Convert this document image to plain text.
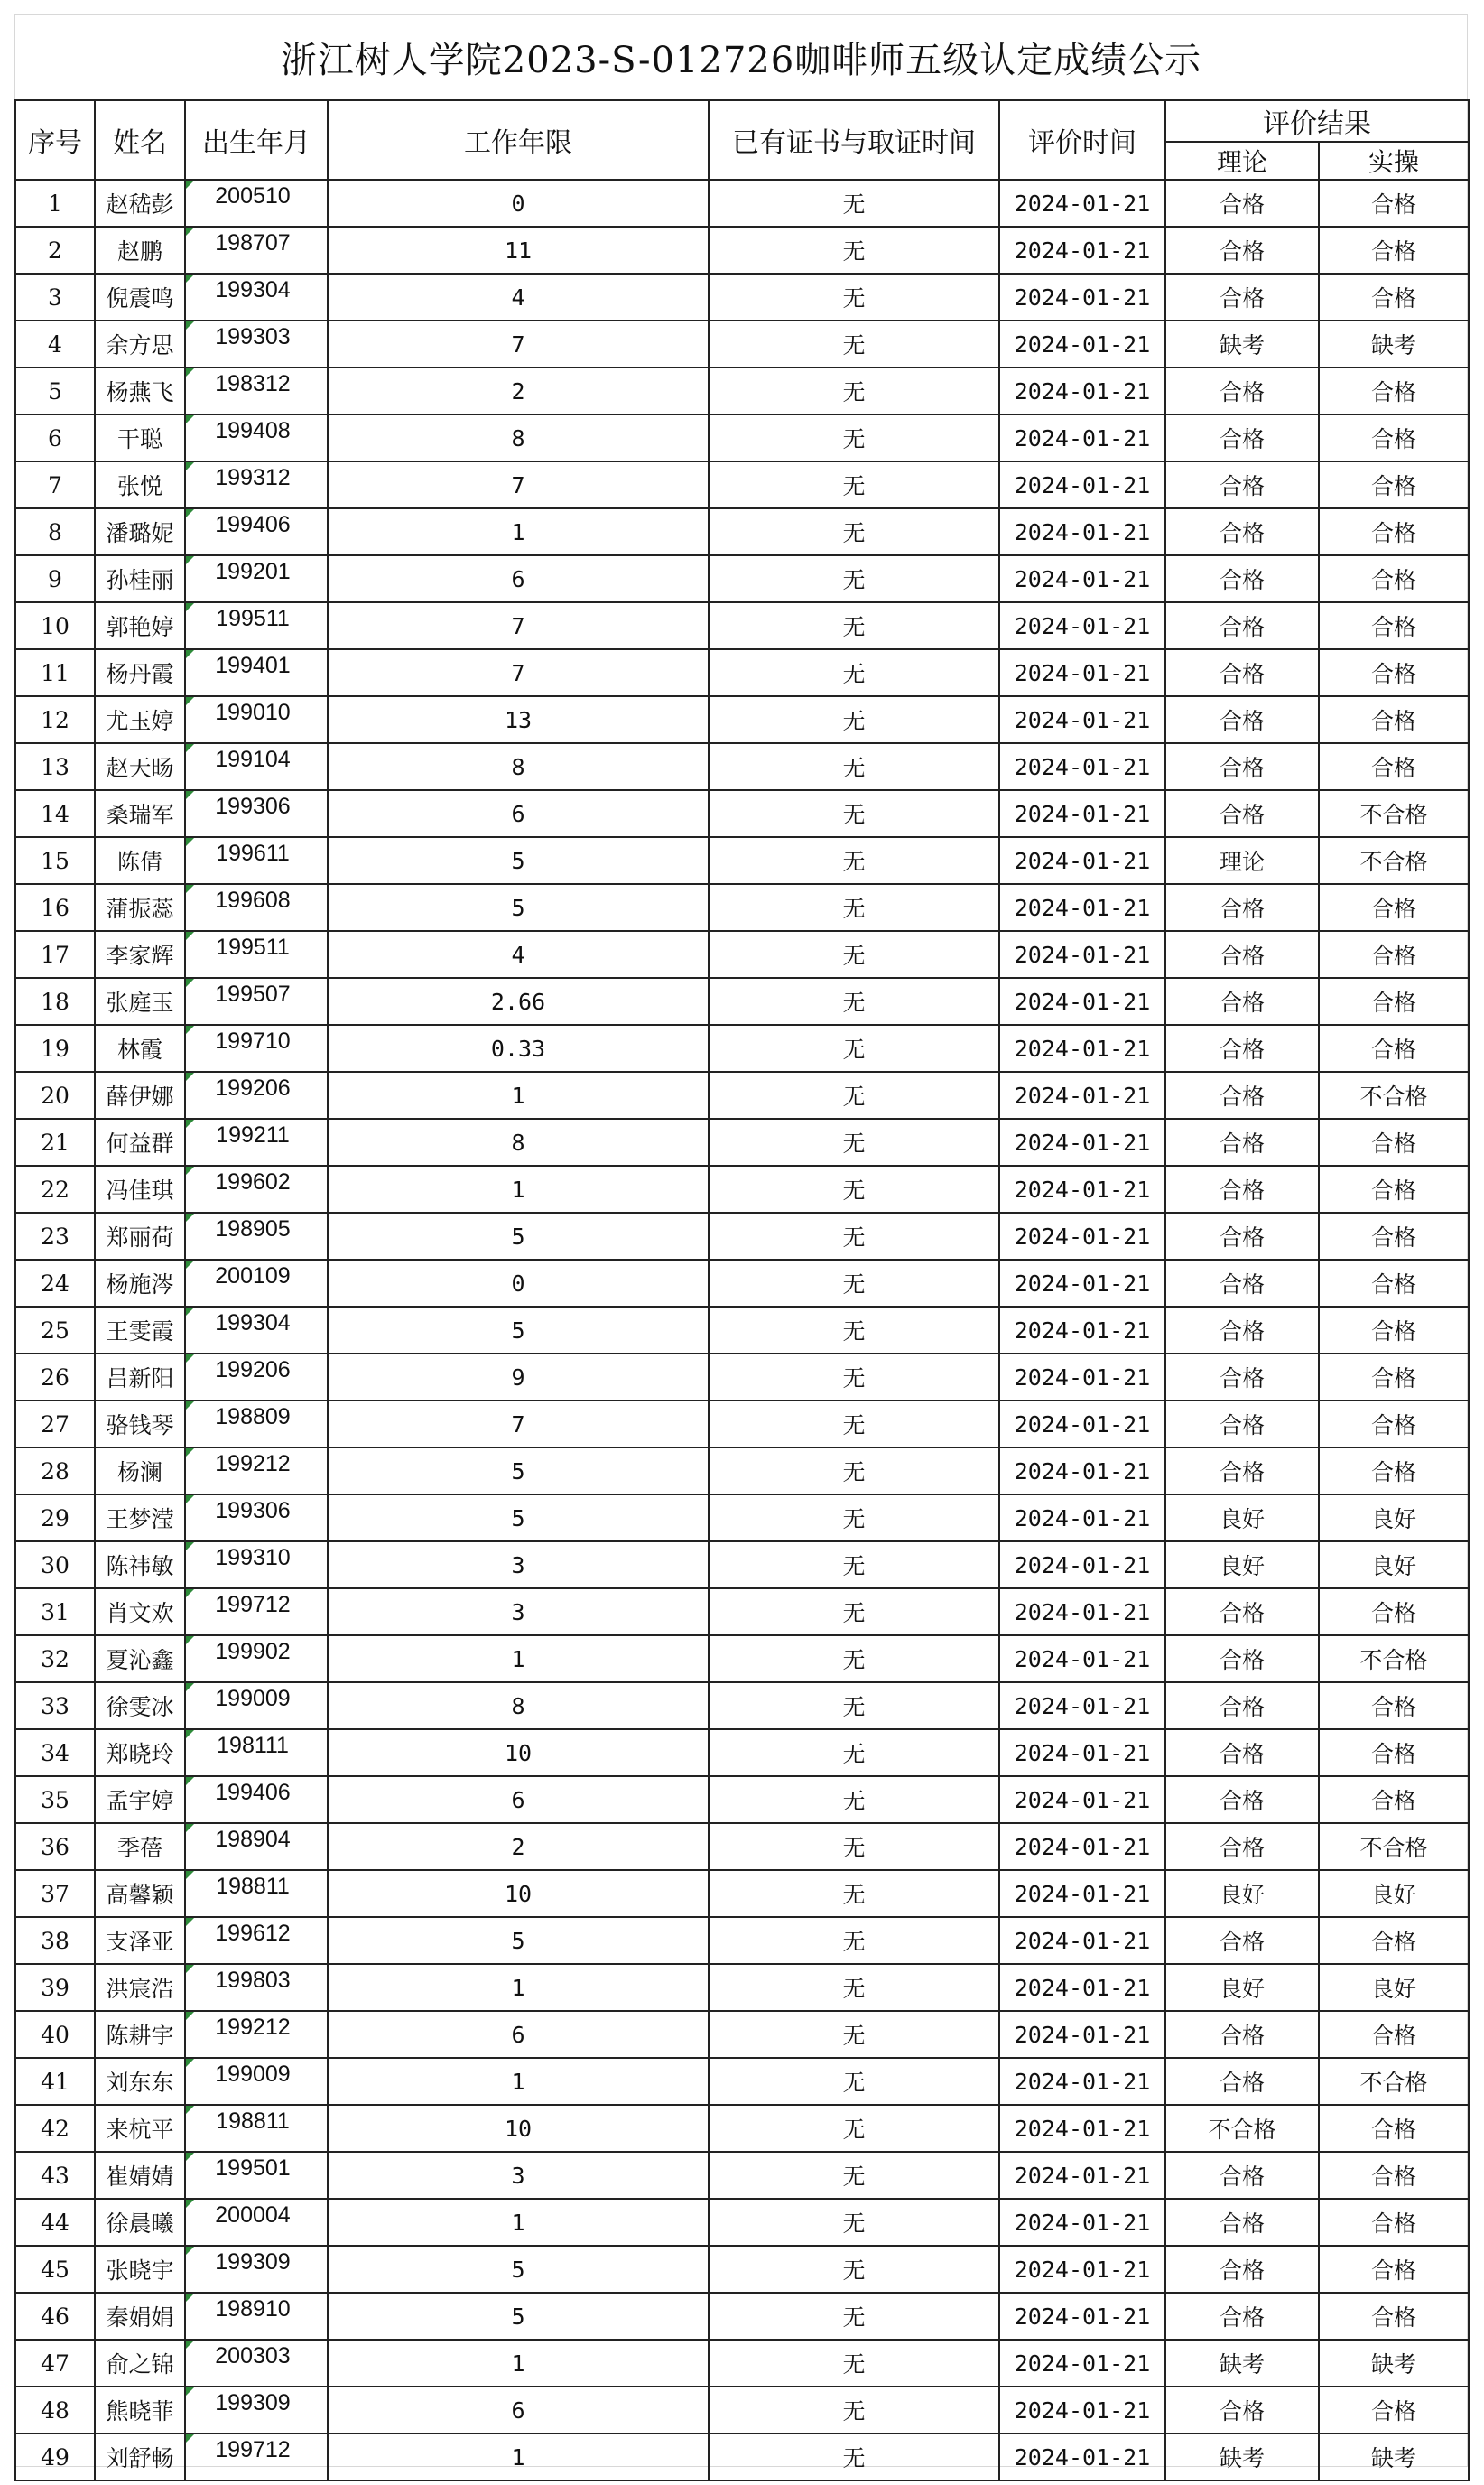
浙江树人学院2023-S-012726咖啡师五级认定成绩公示
序号	姓名	出生年月	工作年限	已有证书与取证时间	评价时间	评价结果	
						理论	实操
1	赵嵇彭	200510	0	无	2024-01-21	合格	合格
2	赵鹏	198707	11	无	2024-01-21	合格	合格
3	倪震鸣	199304	4	无	2024-01-21	合格	合格
4	余方思	199303	7	无	2024-01-21	缺考	缺考
5	杨燕飞	198312	2	无	2024-01-21	合格	合格
6	干聪	199408	8	无	2024-01-21	合格	合格
7	张悦	199312	7	无	2024-01-21	合格	合格
8	潘璐妮	199406	1	无	2024-01-21	合格	合格
9	孙桂丽	199201	6	无	2024-01-21	合格	合格
10	郭艳婷	199511	7	无	2024-01-21	合格	合格
11	杨丹霞	199401	7	无	2024-01-21	合格	合格
12	尤玉婷	199010	13	无	2024-01-21	合格	合格
13	赵天旸	199104	8	无	2024-01-21	合格	合格
14	桑瑞军	199306	6	无	2024-01-21	合格	不合格
15	陈倩	199611	5	无	2024-01-21	理论	不合格
16	蒲振蕊	199608	5	无	2024-01-21	合格	合格
17	李家辉	199511	4	无	2024-01-21	合格	合格
18	张庭玉	199507	2.66	无	2024-01-21	合格	合格
19	林霞	199710	0.33	无	2024-01-21	合格	合格
20	薛伊娜	199206	1	无	2024-01-21	合格	不合格
21	何益群	199211	8	无	2024-01-21	合格	合格
22	冯佳琪	199602	1	无	2024-01-21	合格	合格
23	郑丽荷	198905	5	无	2024-01-21	合格	合格
24	杨施涔	200109	0	无	2024-01-21	合格	合格
25	王雯霞	199304	5	无	2024-01-21	合格	合格
26	吕新阳	199206	9	无	2024-01-21	合格	合格
27	骆钱琴	198809	7	无	2024-01-21	合格	合格
28	杨澜	199212	5	无	2024-01-21	合格	合格
29	王梦滢	199306	5	无	2024-01-21	良好	良好
30	陈祎敏	199310	3	无	2024-01-21	良好	良好
31	肖文欢	199712	3	无	2024-01-21	合格	合格
32	夏沁鑫	199902	1	无	2024-01-21	合格	不合格
33	徐雯冰	199009	8	无	2024-01-21	合格	合格
34	郑晓玲	198111	10	无	2024-01-21	合格	合格
35	孟宇婷	199406	6	无	2024-01-21	合格	合格
36	季蓓	198904	2	无	2024-01-21	合格	不合格
37	高馨颖	198811	10	无	2024-01-21	良好	良好
38	支泽亚	199612	5	无	2024-01-21	合格	合格
39	洪宸浩	199803	1	无	2024-01-21	良好	良好
40	陈耕宇	199212	6	无	2024-01-21	合格	合格
41	刘东东	199009	1	无	2024-01-21	合格	不合格
42	来杭平	198811	10	无	2024-01-21	不合格	合格
43	崔婧婧	199501	3	无	2024-01-21	合格	合格
44	徐晨曦	200004	1	无	2024-01-21	合格	合格
45	张晓宇	199309	5	无	2024-01-21	合格	合格
46	秦娟娟	198910	5	无	2024-01-21	合格	合格
47	俞之锦	200303	1	无	2024-01-21	缺考	缺考
48	熊晓菲	199309	6	无	2024-01-21	合格	合格
49	刘舒畅	199712	1	无	2024-01-21	缺考	缺考
